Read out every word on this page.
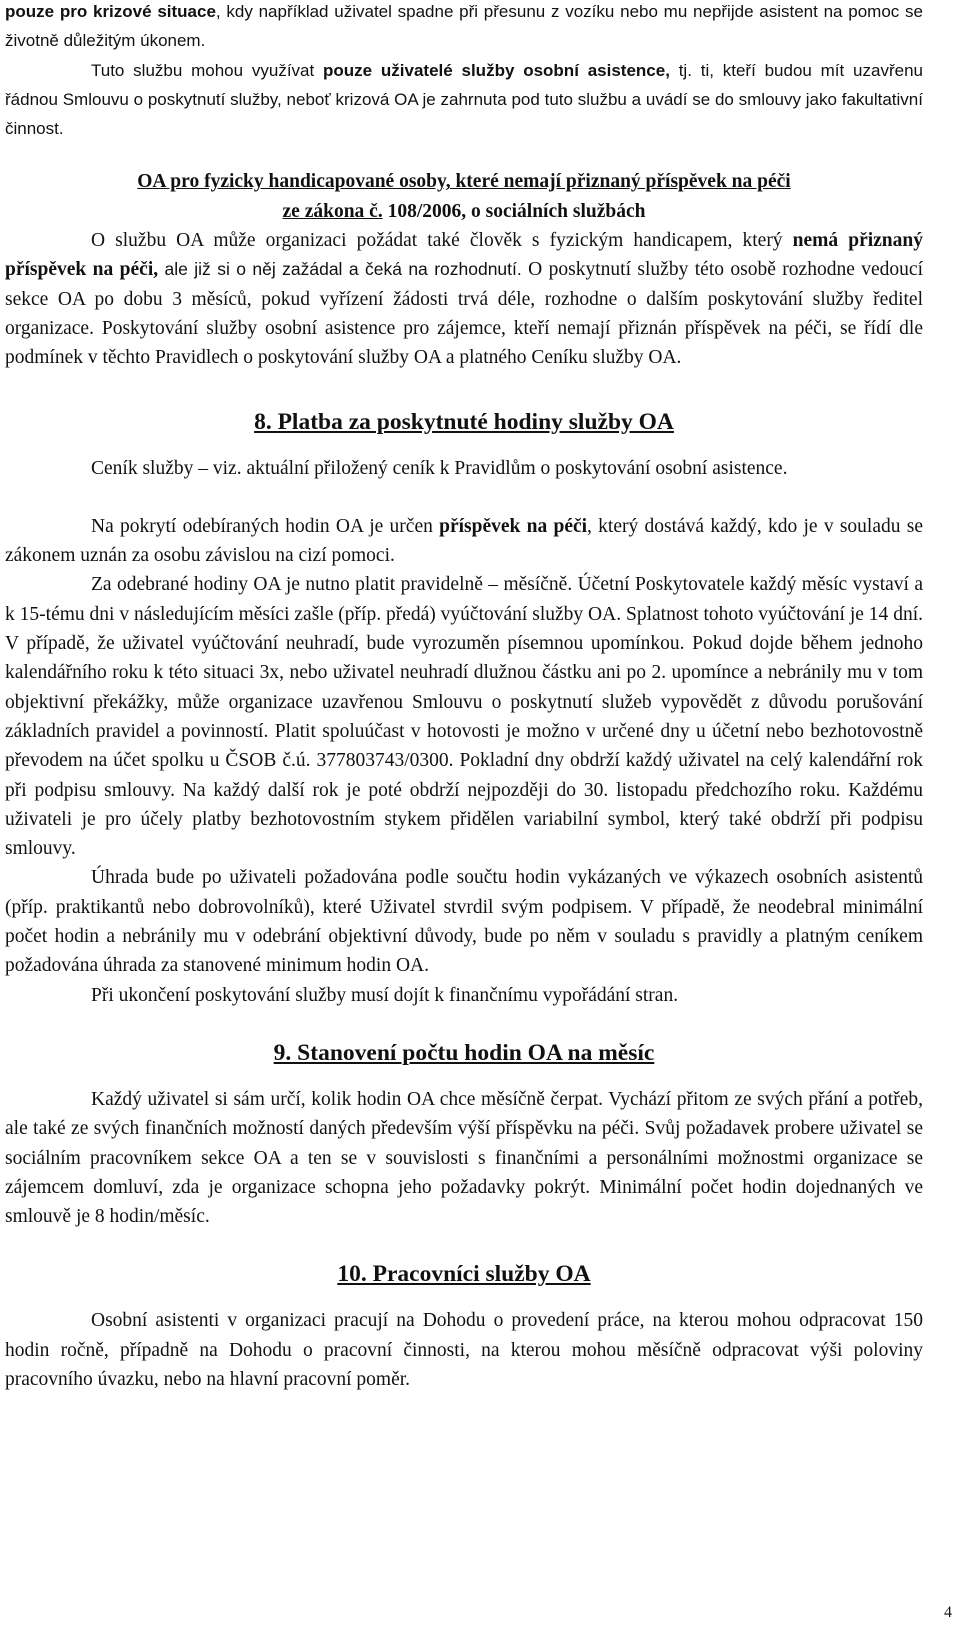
pouze pro krizové situace, kdy například uživatel spadne při přesunu z vozíku nebo mu nepřijde asistent na pomoc se životně důležitým úkonem.

Tuto službu mohou využívat pouze uživatelé služby osobní asistence, tj. ti, kteří budou mít uzavřenu řádnou Smlouvu o poskytnutí služby, neboť krizová OA je zahrnuta pod tuto službu a uvádí se do smlouvy jako fakultativní činnost.

OA pro fyzicky handicapované osoby, které nemají přiznaný příspěvek na péči

ze zákona č. 108/2006, o sociálních službách

O službu OA může organizaci požádat také člověk s fyzickým handicapem, který nemá přiznaný příspěvek na péči, ale již si o něj zažádal a čeká na rozhodnutí. O poskytnutí služby této osobě rozhodne vedoucí sekce OA po dobu 3 měsíců, pokud vyřízení žádosti trvá déle, rozhodne o dalším poskytování služby ředitel organizace. Poskytování služby osobní asistence pro zájemce, kteří nemají přiznán příspěvek na péči, se řídí dle podmínek v těchto Pravidlech o poskytování služby OA a platného Ceníku služby OA.

8. Platba za poskytnuté hodiny služby OA

Ceník služby – viz. aktuální přiložený ceník k Pravidlům o poskytování osobní asistence.

Na pokrytí odebíraných hodin OA je určen příspěvek na péči, který dostává každý, kdo je v souladu se zákonem uznán za osobu závislou na cizí pomoci.

Za odebrané hodiny OA je nutno platit pravidelně – měsíčně. Účetní Poskytovatele každý měsíc vystaví a k 15-tému dni v následujícím měsíci zašle (příp. předá) vyúčtování služby OA. Splatnost tohoto vyúčtování je 14 dní. V případě, že uživatel vyúčtování neuhradí, bude vyrozuměn písemnou upomínkou. Pokud dojde během jednoho kalendářního roku k této situaci 3x, nebo uživatel neuhradí dlužnou částku ani po 2. upomínce a nebránily mu v tom objektivní překážky, může organizace uzavřenou Smlouvu o poskytnutí služeb vypovědět z důvodu porušování základních pravidel a povinností. Platit spoluúčast v hotovosti je možno v určené dny u účetní nebo bezhotovostně převodem na účet spolku u ČSOB č.ú. 377803743/0300. Pokladní dny obdrží každý uživatel na celý kalendářní rok při podpisu smlouvy. Na každý další rok je poté obdrží nejpozději do 30. listopadu předchozího roku. Každému uživateli je pro účely platby bezhotovostním stykem přidělen variabilní symbol, který také obdrží při podpisu smlouvy.

Úhrada bude po uživateli požadována podle součtu hodin vykázaných ve výkazech osobních asistentů (příp. praktikantů nebo dobrovolníků), které Uživatel stvrdil svým podpisem. V případě, že neodebral minimální počet hodin a nebránily mu v odebrání objektivní důvody, bude po něm v souladu s pravidly a platným ceníkem požadována úhrada za stanovené minimum hodin OA.

Při ukončení poskytování služby musí dojít k finančnímu vypořádání stran.

9. Stanovení počtu hodin OA na měsíc

Každý uživatel si sám určí, kolik hodin OA chce měsíčně čerpat. Vychází přitom ze svých přání a potřeb, ale také ze svých finančních možností daných především výší příspěvku na péči. Svůj požadavek probere uživatel se sociálním pracovníkem sekce OA a ten se v souvislosti s finančními a personálními možnostmi organizace se zájemcem domluví, zda je organizace schopna jeho požadavky pokrýt. Minimální počet hodin dojednaných ve smlouvě je 8 hodin/měsíc.

10. Pracovníci služby OA

Osobní asistenti v organizaci pracují na Dohodu o provedení práce, na kterou mohou odpracovat 150 hodin ročně, případně na Dohodu o pracovní činnosti, na kterou mohou měsíčně odpracovat výši poloviny pracovního úvazku, nebo na hlavní pracovní poměr.

4
